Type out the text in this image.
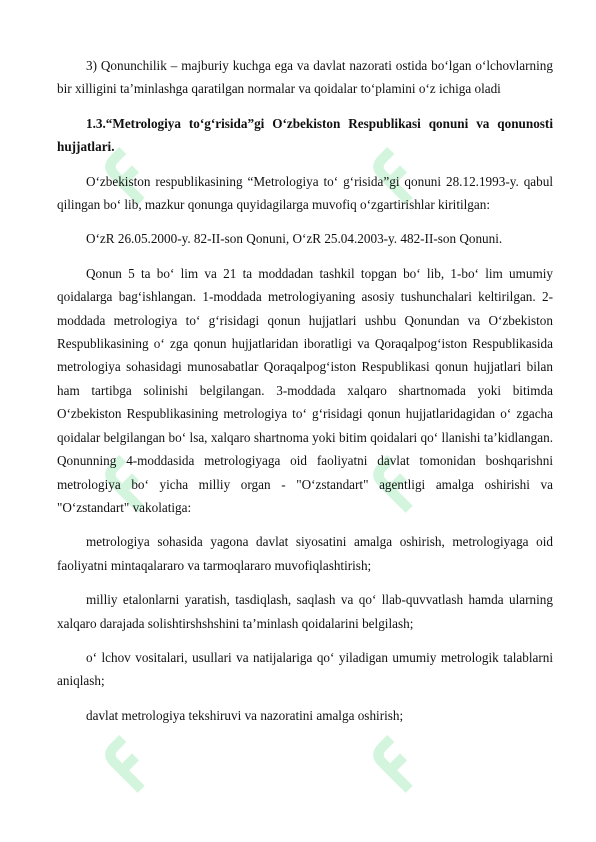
3) Qonunchilik – majburiy kuchga ega va davlat nazorati ostida bo‘lgan o‘lchovlarning bir xilligini ta’minlashga qaratilgan normalar va qoidalar to‘plamini o‘z ichiga oladi

1.3.“Metrologiya to‘g‘risida”gi O‘zbekiston Respublikasi qonuni va qonunosti hujjatlari.

O‘zbekiston respublikasining “Metrologiya to‘ g‘risida”gi qonuni 28.12.1993-y. qabul qilingan bo‘ lib, mazkur qonunga quyidagilarga muvofiq o‘zgartirishlar kiritilgan:

O‘zR 26.05.2000-y. 82-II-son Qonuni, O‘zR 25.04.2003-y. 482-II-son Qonuni.

Qonun 5 ta bo‘ lim va 21 ta moddadan tashkil topgan bo‘ lib, 1-bo‘ lim umumiy qoidalarga bag‘ishlangan. 1-moddada metrologiyaning asosiy tushunchalari keltirilgan. 2-moddada metrologiya to‘ g‘risidagi qonun hujjatlari ushbu Qonundan va O‘zbekiston Respublikasining o‘ zga qonun hujjatlaridan iboratligi va Qoraqalpog‘iston Respublikasida metrologiya sohasidagi munosabatlar Qoraqalpog‘iston Respublikasi qonun hujjatlari bilan ham tartibga solinishi belgilangan. 3-moddada xalqaro shartnomada yoki bitimda O‘zbekiston Respublikasining metrologiya to‘ g‘risidagi qonun hujjatlaridagidan o‘ zgacha qoidalar belgilangan bo‘ lsa, xalqaro shartnoma yoki bitim qoidalari qo‘ llanishi ta’kidlangan. Qonunning 4-moddasida metrologiyaga oid faoliyatni davlat tomonidan boshqarishni metrologiya bo‘ yicha milliy organ - "O‘zstandart" agentligi amalga oshirishi va "O‘zstandart" vakolatiga:

metrologiya sohasida yagona davlat siyosatini amalga oshirish, metrologiyaga oid faoliyatni mintaqalararo va tarmoqlararo muvofiqlashtirish;

milliy etalonlarni yaratish, tasdiqlash, saqlash va qo‘ llab-quvvatlash hamda ularning xalqaro darajada solishtirshshshini ta’minlash qoidalarini belgilash;

o‘ lchov vositalari, usullari va natijalariga qo‘ yiladigan umumiy metrologik talablarni aniqlash;

davlat metrologiya tekshiruvi va nazoratini amalga oshirish;
